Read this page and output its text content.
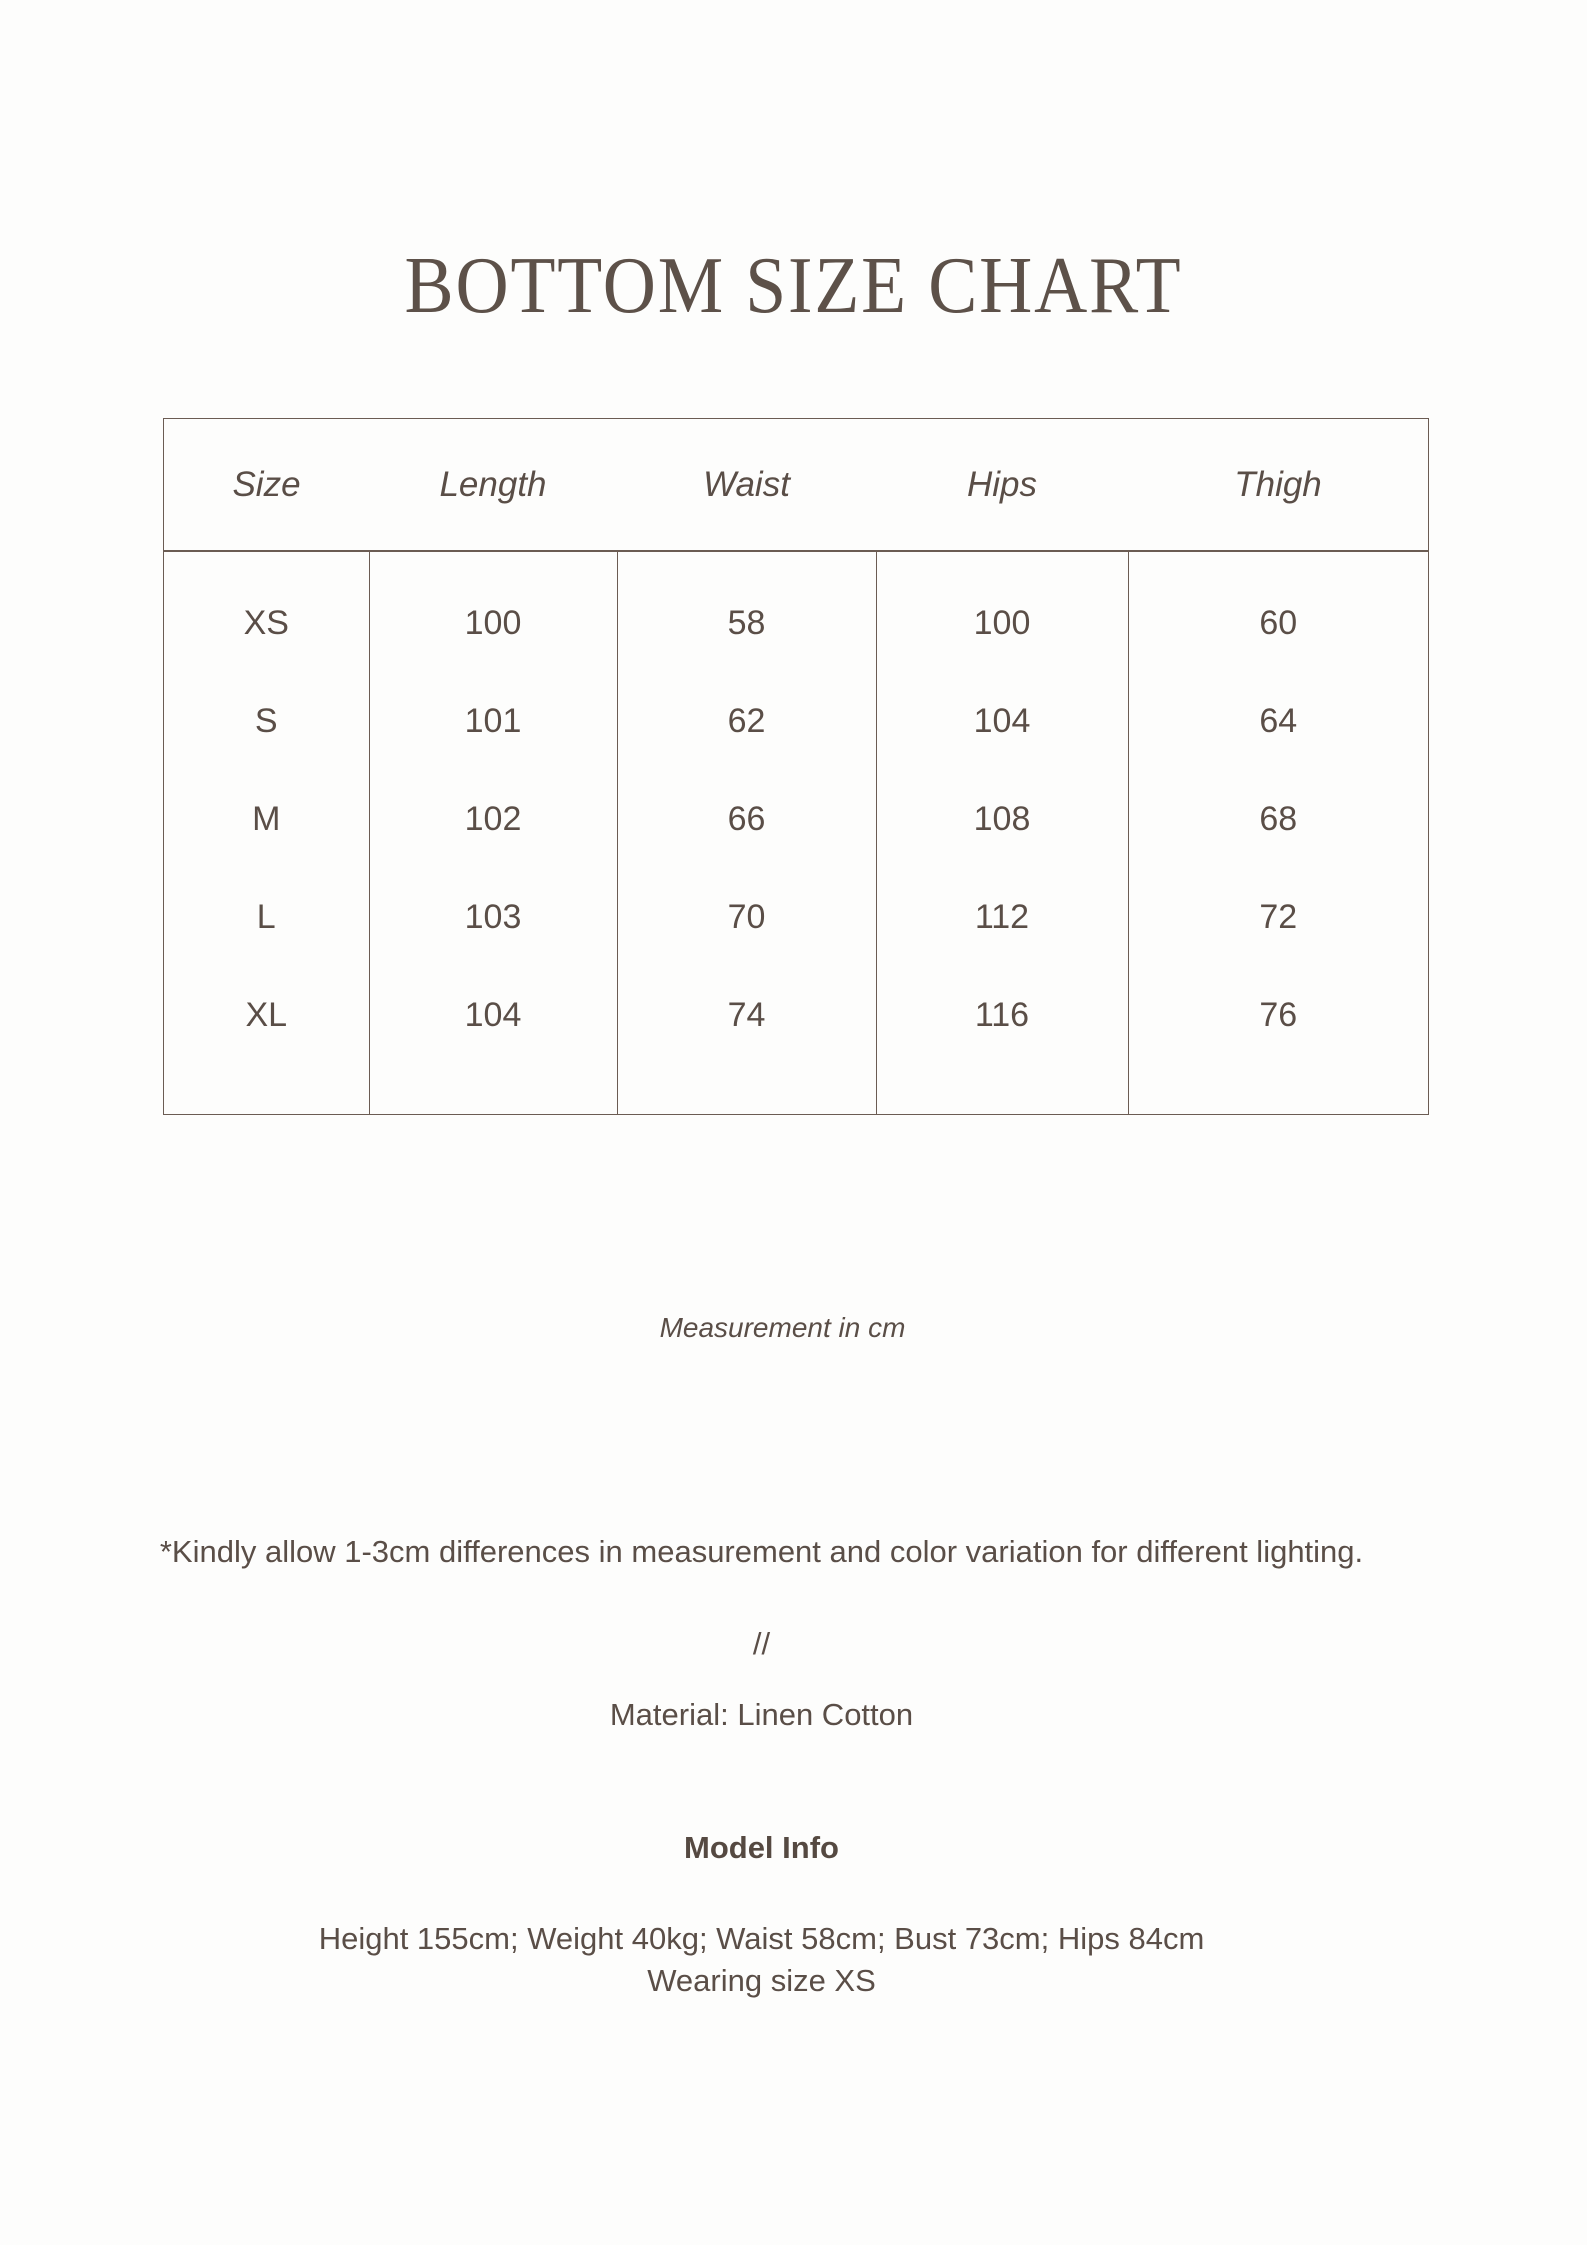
BOTTOM SIZE CHART
Size	Length	Waist	Hips	Thigh
XS	100	58	100	60
S	101	62	104	64
M	102	66	108	68
L	103	70	112	72
XL	104	74	116	76
Measurement in cm
*Kindly allow 1-3cm differences in measurement and color variation for different lighting.
//
Material: Linen Cotton
Model Info
Height 155cm; Weight 40kg; Waist 58cm; Bust 73cm; Hips 84cm
Wearing size XS
